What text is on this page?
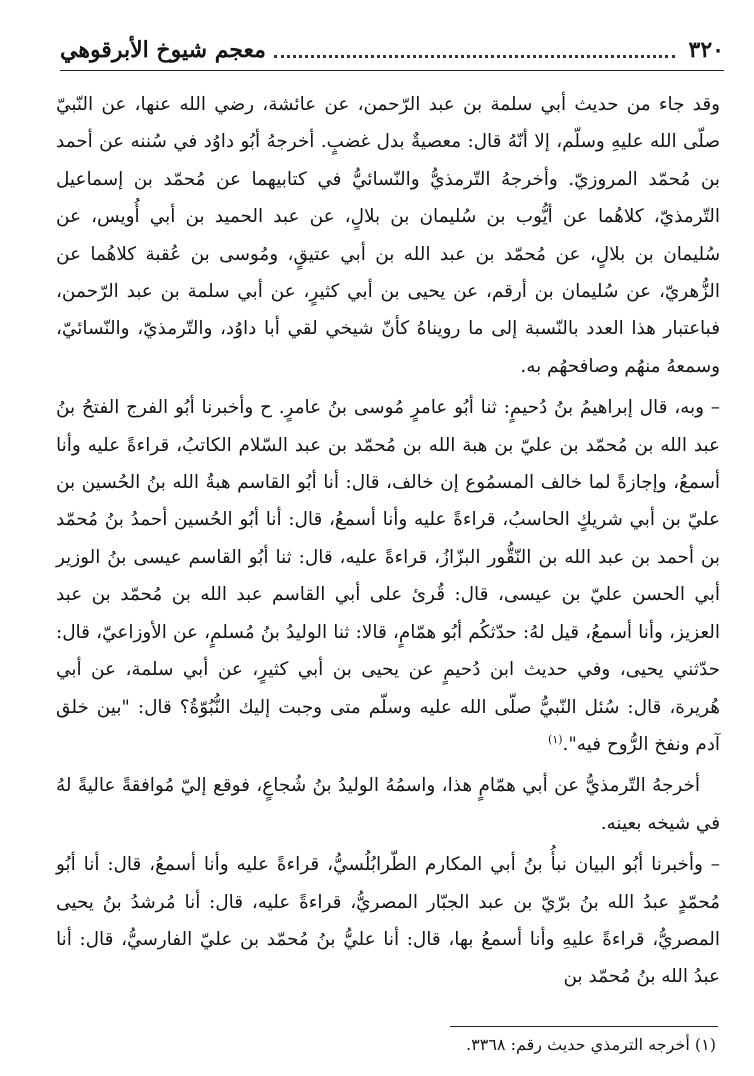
٣٢٠
معجم شيوخ الأبرقوهي

وقد جاء من حديث أبي سلمة بن عبد الرّحمن، عن عائشة، رضي الله عنها، عن النّبيّ صلّى الله عليهِ وسلّم، إلا أنّهُ قال: معصيةٌ بدل غضبٍ. أخرجهُ أبُو داوُد في سُننه عن أحمد بن مُحمّد المروزيّ. وأخرجهُ التّرمذيُّ والنّسائيُّ في كتابيهما عن مُحمّد بن إسماعيل التّرمذيّ، كلاهُما عن أيُّوب بن سُليمان بن بلالٍ، عن عبد الحميد بن أبي أُويس، عن سُليمان بن بلالٍ، عن مُحمّد بن عبد الله بن أبي عتيقٍ، ومُوسى بن عُقبة كلاهُما عن الزُّهريّ، عن سُليمان بن أرقم، عن يحيى بن أبي كثيرٍ، عن أبي سلمة بن عبد الرّحمن، فباعتبار هذا العدد بالنّسبة إلى ما رويناهُ كأنّ شيخي لقي أبا داوُد، والتّرمذيّ، والنّسائيّ، وسمعهُ منهُم وصافحهُم به.

– وبه، قال إبراهيمُ بنُ دُحيمٍ: ثنا أبُو عامرٍ مُوسى بنُ عامرٍ. ح وأخبرنا أبُو الفرج الفتحُ بنُ عبد الله بن مُحمّد بن عليّ بن هبة الله بن مُحمّد بن عبد السّلام الكاتبُ، قراءةً عليه وأنا أسمعُ، وإجازةً لما خالف المسمُوع إن خالف، قال: أنا أبُو القاسم هبةُ الله بنُ الحُسين بن عليّ بن أبي شريكٍ الحاسبُ، قراءةً عليه وأنا أسمعُ، قال: أنا أبُو الحُسين أحمدُ بنُ مُحمّد بن أحمد بن عبد الله بن النّقُّور البزّازُ، قراءةً عليه، قال: ثنا أبُو القاسم عيسى بنُ الوزير أبي الحسن عليّ بن عيسى، قال: قُرئ على أبي القاسم عبد الله بن مُحمّد بن عبد العزيز، وأنا أسمعُ، قيل لهُ: حدّثكُم أبُو همّامٍ، قالا: ثنا الوليدُ بنُ مُسلمٍ، عن الأوزاعيّ، قال: حدّثني يحيى، وفي حديث ابن دُحيمٍ عن يحيى بن أبي كثيرٍ، عن أبي سلمة، عن أبي هُريرة، قال: سُئل النّبيُّ صلّى الله عليه وسلّم متى وجبت إليك النُّبُوّةُ؟ قال: "بين خلق آدم ونفخ الرُّوح فيه".$^{(١)}$

أخرجهُ التّرمذيُّ عن أبي همّامٍ هذا، واسمُهُ الوليدُ بنُ شُجاعٍ، فوقع إليّ مُوافقةً عاليةً لهُ في شيخه بعينه.

– وأخبرنا أبُو البيان نبأُ بنُ أبي المكارم الطّرابُلُسيُّ، قراءةً عليه وأنا أسمعُ، قال: أنا أبُو مُحمّدٍ عبدُ الله بنُ برّيّ بن عبد الجبّار المصريُّ، قراءةً عليه، قال: أنا مُرشدُ بنُ يحيى المصريُّ، قراءةً عليهِ وأنا أسمعُ بها، قال: أنا عليُّ بنُ مُحمّد بن عليّ الفارسيُّ، قال: أنا عبدُ الله بنُ مُحمّد بن

(١) أخرجه الترمذي حديث رقم: ٣٣٦٨.
